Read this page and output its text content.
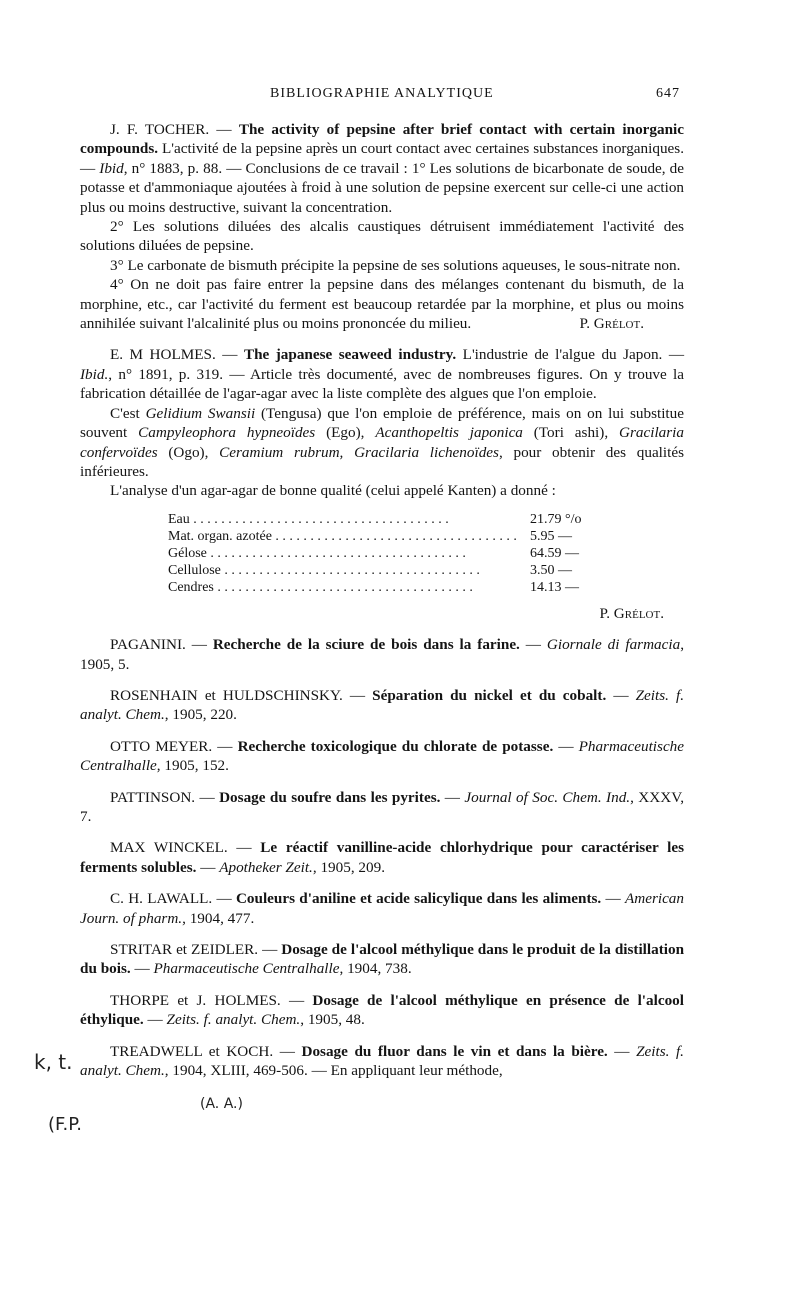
BIBLIOGRAPHIE ANALYTIQUE	647

J. F. TOCHER. — The activity of pepsine after brief contact with certain inorganic compounds. L'activité de la pepsine après un court contact avec certaines substances inorganiques. — Ibid, n° 1883, p. 88. — Conclusions de ce travail : 1° Les solutions de bicarbonate de soude, de potasse et d'ammoniaque ajoutées à froid à une solution de pepsine exercent sur celle-ci une action plus ou moins destructive, suivant la concentration.

2° Les solutions diluées des alcalis caustiques détruisent immédiatement l'activité des solutions diluées de pepsine.

3° Le carbonate de bismuth précipite la pepsine de ses solutions aqueuses, le sous-nitrate non.

4° On ne doit pas faire entrer la pepsine dans des mélanges contenant du bismuth, de la morphine, etc., car l'activité du ferment est beaucoup retardée par la morphine, et plus ou moins annihilée suivant l'alcalinité plus ou moins prononcée du milieu.	P. Grélot.

E. M HOLMES. — The japanese seaweed industry. L'industrie de l'algue du Japon. — Ibid., n° 1891, p. 319. — Article très documenté, avec de nombreuses figures. On y trouve la fabrication détaillée de l'agar-agar avec la liste complète des algues que l'on emploie.

C'est Gelidium Swansii (Tengusa) que l'on emploie de préférence, mais on on lui substitue souvent Campyleophora hypneoïdes (Ego), Acanthopeltis japonica (Tori ashi), Gracilaria confervoïdes (Ogo), Ceramium rubrum, Gracilaria lichenoïdes, pour obtenir des qualités inférieures.

L'analyse d'un agar-agar de bonne qualité (celui appelé Kanten) a donné :

Eau . . .	21.79 °/o
Mat. organ. azotée . . .	5.95 —
Gélose . . .	64.59 —
Cellulose . . .	3.50 —
Cendres . . .	14.13 —

P. Grélot.

PAGANINI. — Recherche de la sciure de bois dans la farine. — Giornale di farmacia, 1905, 5.

ROSENHAIN et HULDSCHINSKY. — Séparation du nickel et du cobalt. — Zeits. f. analyt. Chem., 1905, 220.

OTTO MEYER. — Recherche toxicologique du chlorate de potasse. — Pharmaceutische Centralhalle, 1905, 152.

PATTINSON. — Dosage du soufre dans les pyrites. — Journal of Soc. Chem. Ind., XXXV, 7.

MAX WINCKEL. — Le réactif vanilline-acide chlorhydrique pour caractériser les ferments solubles. — Apotheker Zeit., 1905, 209.

C. H. LAWALL. — Couleurs d'aniline et acide salicylique dans les aliments. — American Journ. of pharm., 1904, 477.

STRITAR et ZEIDLER. — Dosage de l'alcool méthylique dans le produit de la distillation du bois. — Pharmaceutische Centralhalle, 1904, 738.

THORPE et J. HOLMES. — Dosage de l'alcool méthylique en présence de l'alcool éthylique. — Zeits. f. analyt. Chem., 1905, 48.

TREADWELL et KOCH. — Dosage du fluor dans le vin et dans la bière. — Zeits. f. analyt. Chem., 1904, XLIII, 469-506. — En appliquant leur méthode,

k, t.
(F.P.
(A. A.)
